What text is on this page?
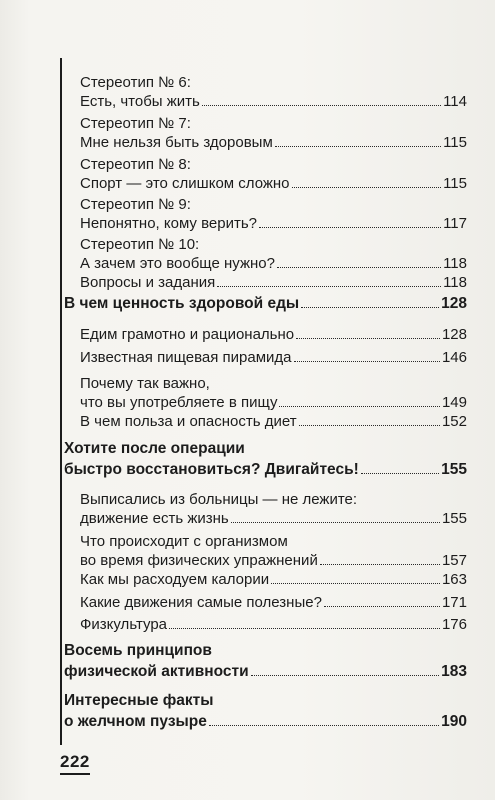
Стереотип № 6:
Есть, чтобы жить	114
Стереотип № 7:
Мне нельзя быть здоровым	115
Стереотип № 8:
Спорт — это слишком сложно	115
Стереотип № 9:
Непонятно, кому верить?	117
Стереотип № 10:
А зачем это вообще нужно?	118
Вопросы и задания	118
В чем ценность здоровой еды	128
Едим грамотно и рационально	128
Известная пищевая пирамида	146
Почему так важно,
что вы употребляете в пищу	149
В чем польза и опасность диет	152
Хотите после операции
быстро восстановиться? Двигайтесь!	155
Выписались из больницы — не лежите:
движение есть жизнь	155
Что происходит с организмом
во время физических упражнений	157
Как мы расходуем калории	163
Какие движения самые полезные?	171
Физкультура	176
Восемь принципов
физической активности	183
Интересные факты
о желчном пузыре	190
222
